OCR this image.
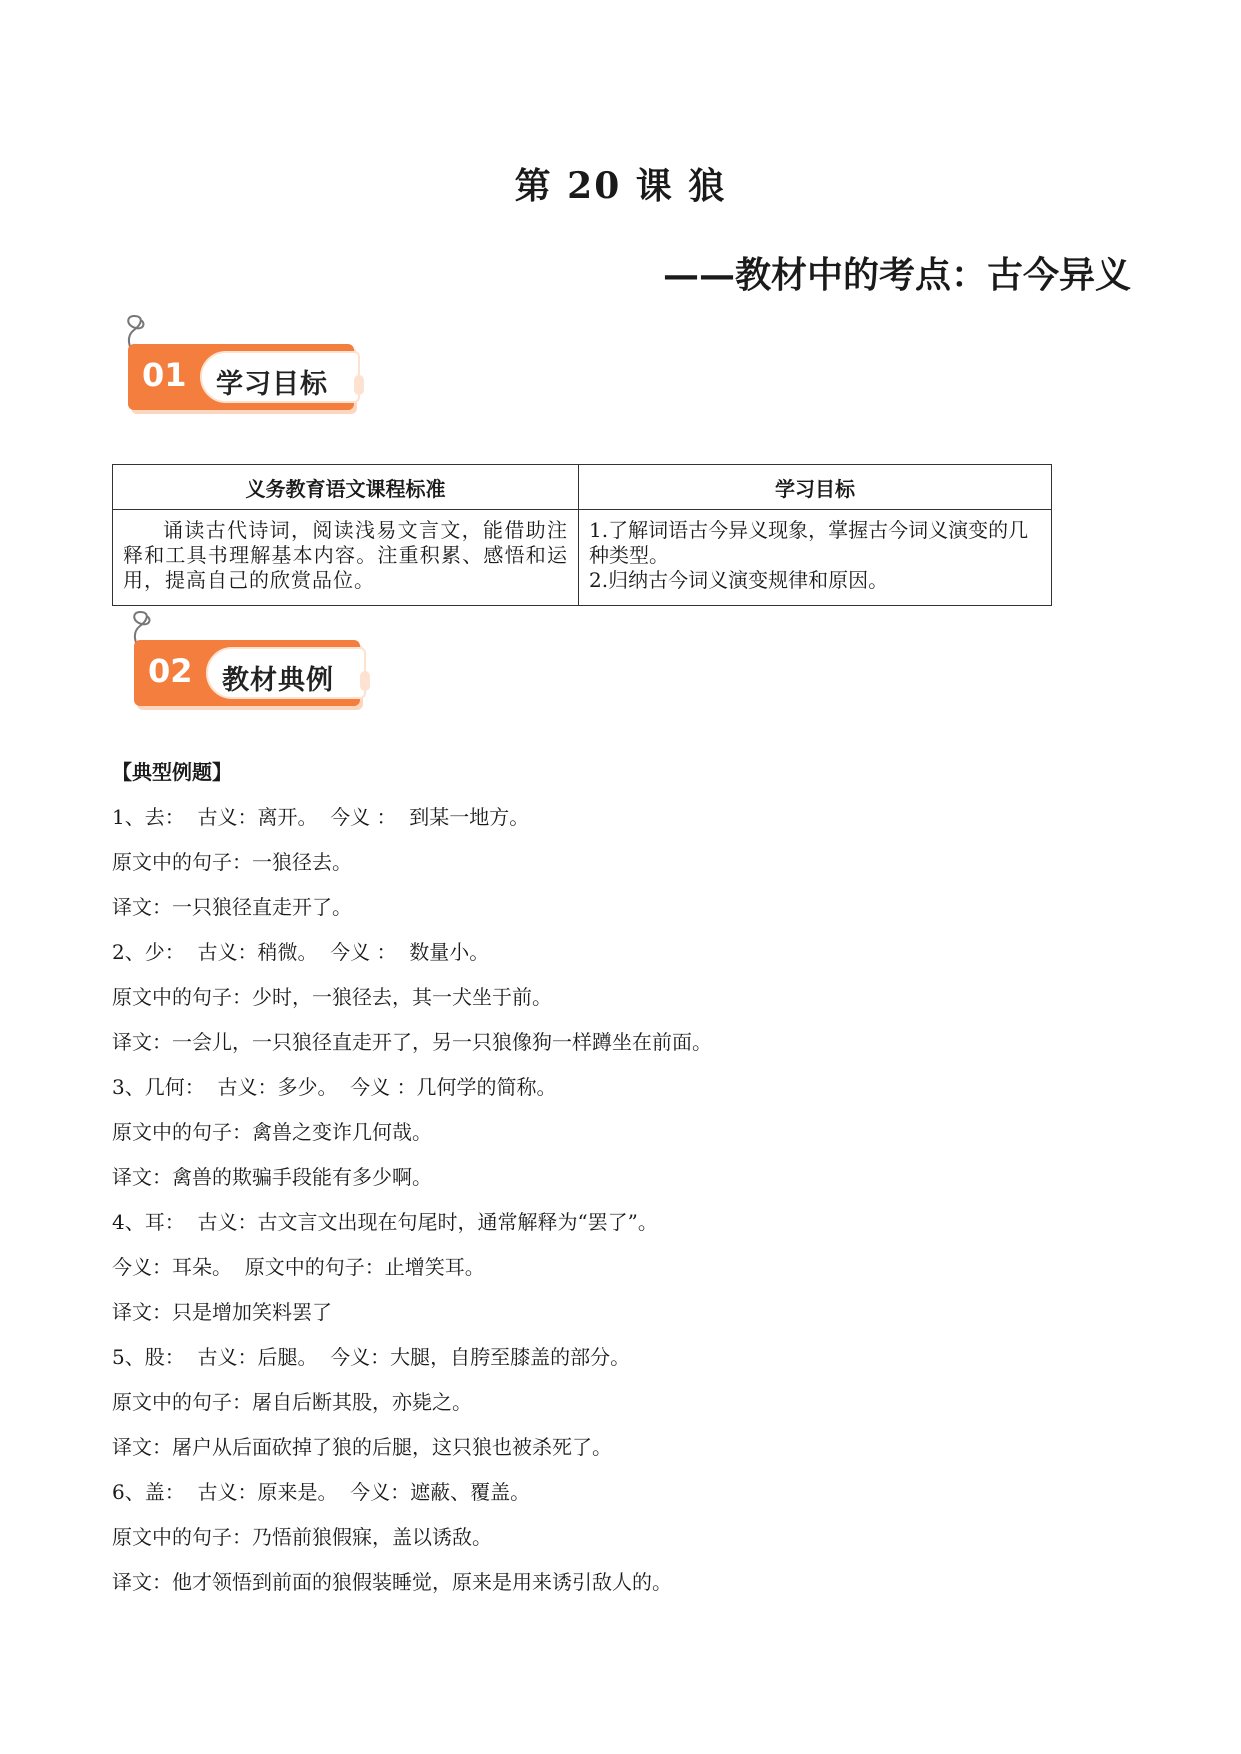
第 20 课 狼
——教材中的考点：古今异义
01 学习目标
义务教育语文课程标准	学习目标
诵读古代诗词，阅读浅易文言文，能借助注释和工具书理解基本内容。注重积累、感悟和运用，提高自己的欣赏品位。	1.了解词语古今异义现象，掌握古今词义演变的几种类型。
2.归纳古今词义演变规律和原因。
02 教材典例
【典型例题】
1、去：  古义：离开。  今义 ：  到某一地方。
原文中的句子：一狼径去。
译文：一只狼径直走开了。
2、少：  古义：稍微。  今义 ：  数量小。
原文中的句子：少时，一狼径去，其一犬坐于前。
译文：一会儿，一只狼径直走开了，另一只狼像狗一样蹲坐在前面。
3、几何：  古义：多少。  今义 ：几何学的简称。
原文中的句子：禽兽之变诈几何哉。
译文：禽兽的欺骗手段能有多少啊。
4、耳：  古义：古文言文出现在句尾时，通常解释为“罢了”。
今义：耳朵。  原文中的句子：止增笑耳。
译文：只是增加笑料罢了
5、股：  古义：后腿。  今义：大腿，自胯至膝盖的部分。
原文中的句子：屠自后断其股，亦毙之。
译文：屠户从后面砍掉了狼的后腿，这只狼也被杀死了。
6、盖：  古义：原来是。  今义：遮蔽、覆盖。
原文中的句子：乃悟前狼假寐，盖以诱敌。
译文：他才领悟到前面的狼假装睡觉，原来是用来诱引敌人的。
